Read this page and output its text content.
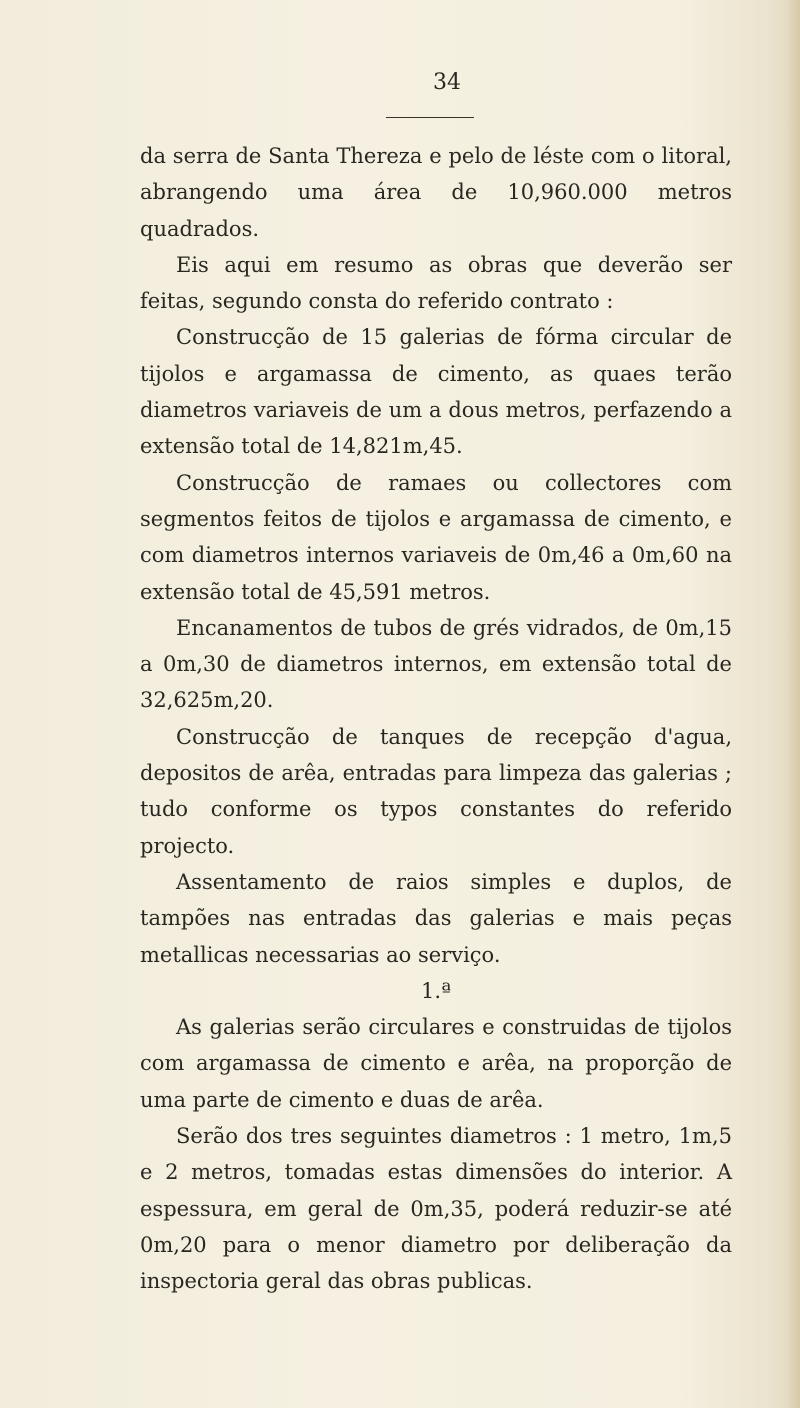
34

da serra de Santa Thereza e pelo de léste com o litoral, abrangendo uma área de 10,960.000 metros quadrados.

Eis aqui em resumo as obras que deverão ser feitas, segundo consta do referido contrato :

Construcção de 15 galerias de fórma circular de tijolos e argamassa de cimento, as quaes terão diametros variaveis de um a dous metros, perfazendo a extensão total de 14,821m,45.

Construcção de ramaes ou collectores com segmentos feitos de tijolos e argamassa de cimento, e com diametros internos variaveis de 0m,46 a 0m,60 na extensão total de 45,591 metros.

Encanamentos de tubos de grés vidrados, de 0m,15 a 0m,30 de diametros internos, em extensão total de 32,625m,20.

Construcção de tanques de recepção d'agua, depositos de arêa, entradas para limpeza das galerias ; tudo conforme os typos constantes do referido projecto.

Assentamento de raios simples e duplos, de tampões nas entradas das galerias e mais peças metallicas necessarias ao serviço.

1.ª

As galerias serão circulares e construidas de tijolos com argamassa de cimento e arêa, na proporção de uma parte de cimento e duas de arêa.

Serão dos tres seguintes diametros : 1 metro, 1m,5 e 2 metros, tomadas estas dimensões do interior. A espessura, em geral de 0m,35, poderá reduzir-se até 0m,20 para o menor diametro por deliberação da inspectoria geral das obras publicas.
